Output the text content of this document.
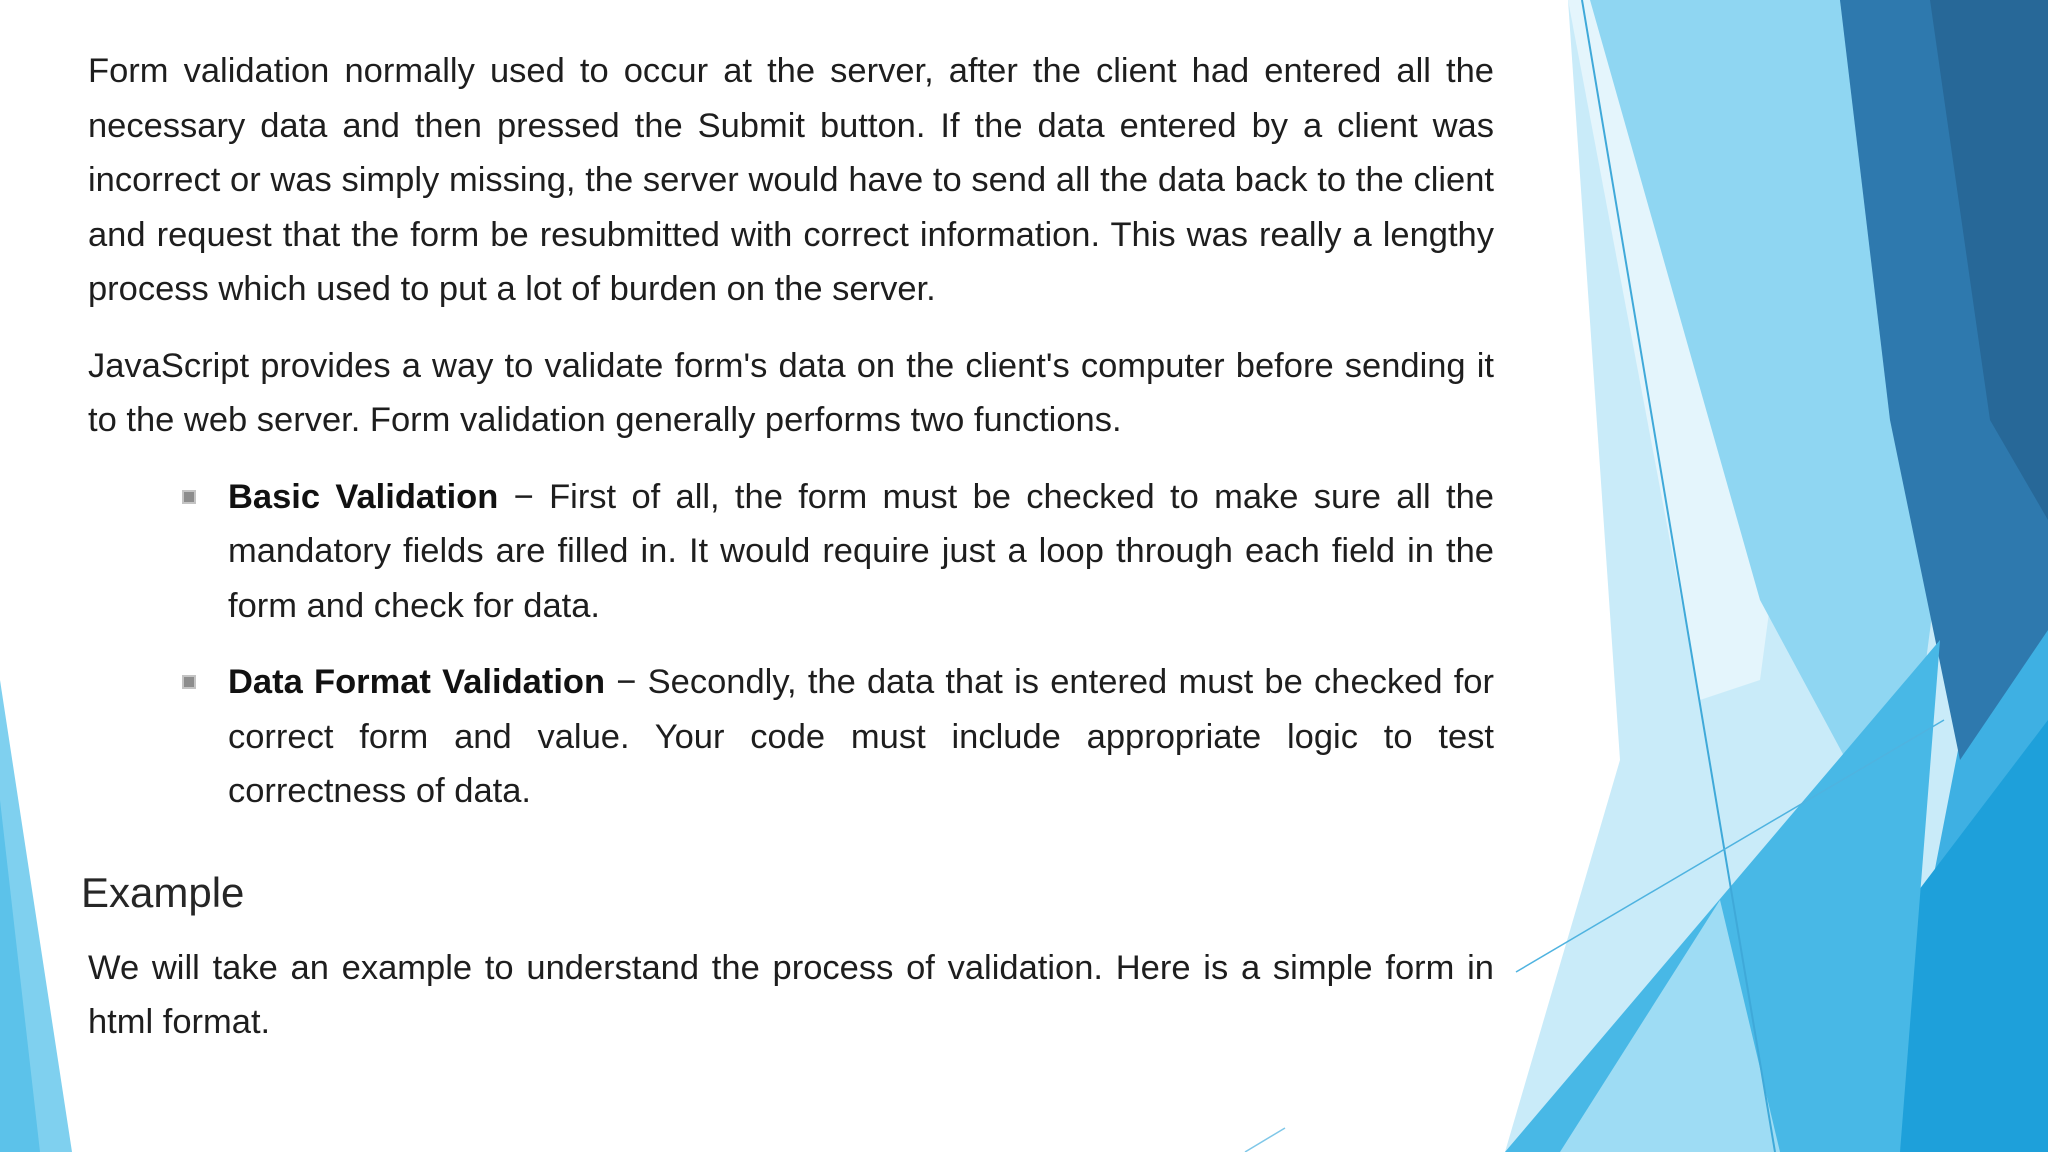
Form validation normally used to occur at the server, after the client had entered all the necessary data and then pressed the Submit button. If the data entered by a client was incorrect or was simply missing, the server would have to send all the data back to the client and request that the form be resubmitted with correct information. This was really a lengthy process which used to put a lot of burden on the server.

JavaScript provides a way to validate form's data on the client's computer before sending it to the web server. Form validation generally performs two functions.

Basic Validation − First of all, the form must be checked to make sure all the mandatory fields are filled in. It would require just a loop through each field in the form and check for data.
Data Format Validation − Secondly, the data that is entered must be checked for correct form and value. Your code must include appropriate logic to test correctness of data.
Example

We will take an example to understand the process of validation. Here is a simple form in html format.
